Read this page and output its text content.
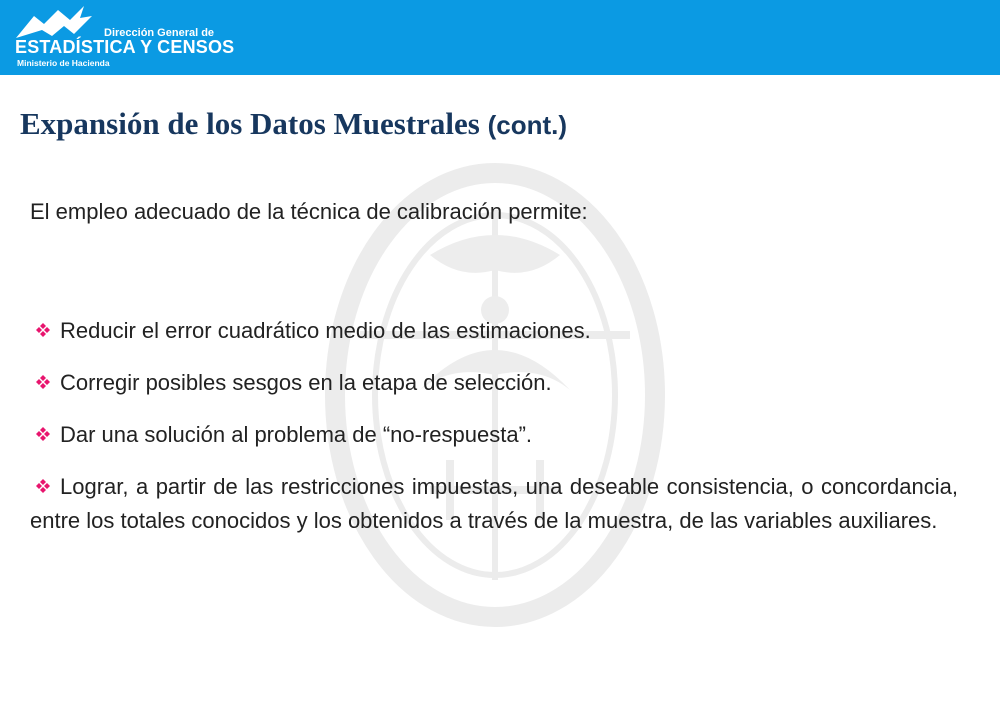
Dirección General de
ESTADÍSTICA Y CENSOS
Ministerio de Hacienda
Expansión de los Datos Muestrales (cont.)

El empleo adecuado de la técnica de calibración permite:

Reducir el error cuadrático medio de las estimaciones.
Corregir posibles sesgos en la etapa de selección.
Dar una solución al problema de “no-respuesta”.
Lograr, a partir de las restricciones impuestas, una deseable consistencia, o concordancia, entre los totales conocidos y los obtenidos a través de la muestra, de las variables auxiliares.
